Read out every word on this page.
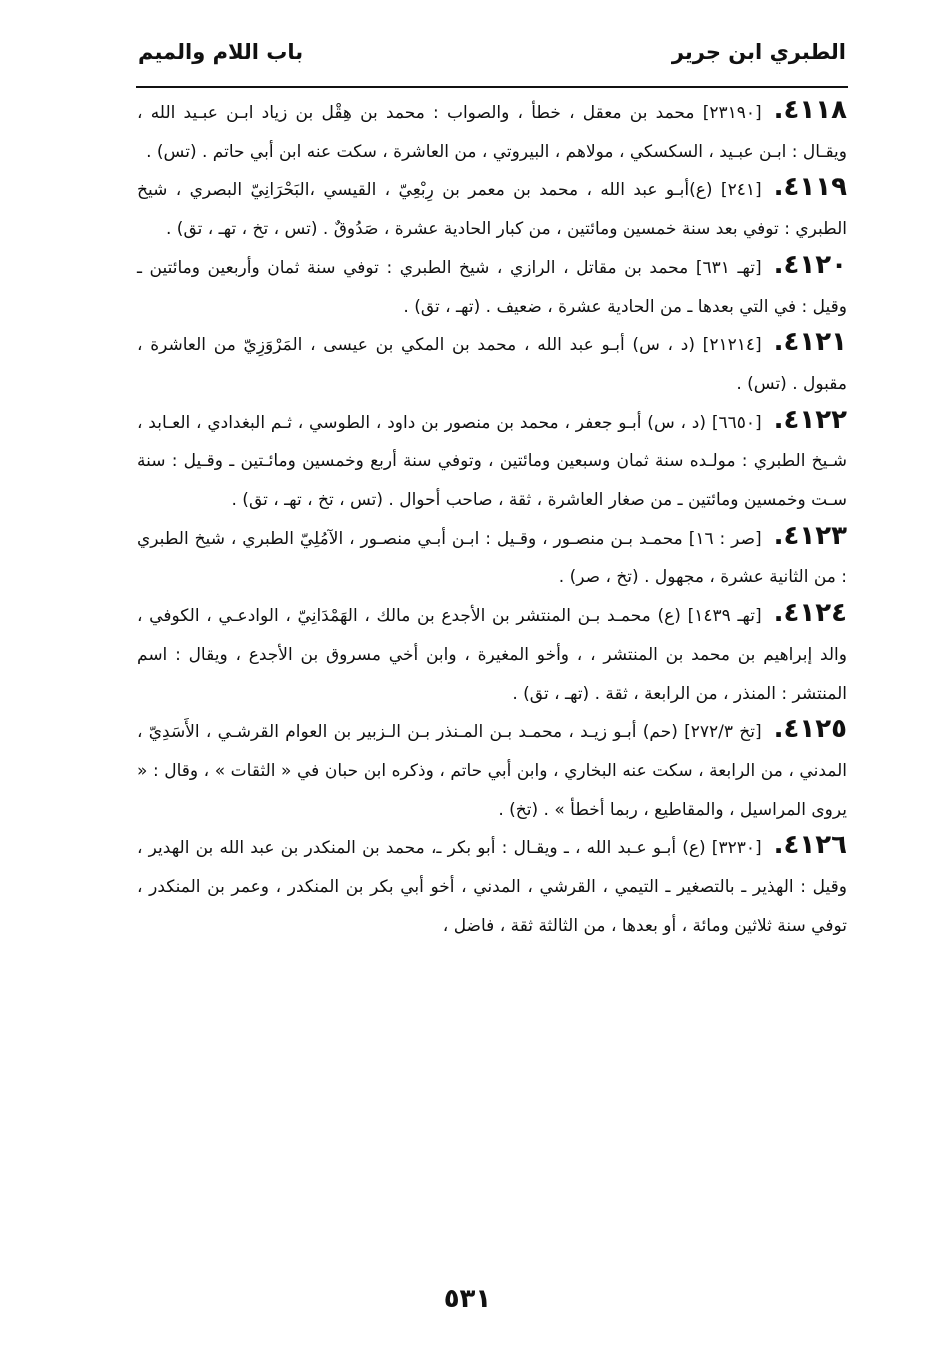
الطبري ابن جرير
باب اللام والميم

٤١١٨.[٢٣١٩٠] محمد بن معقل ، خطأ ، والصواب : محمد بن هِقْل بن زياد ابـن عبـيد الله ، ويقـال : ابـن عبـيد ، السكسكي ، مولاهم ، البيروتي ، من العاشرة ، سكت عنه ابن أبي حاتم . (تس) .

٤١١٩.[٢٤١] (ع)أبـو عبد الله ، محمد بن معمر بن رِبْعِيّ ، القيسي ،البَحْرَانِيّ البصري ، شيخ الطبري : توفي بعد سنة خمسين ومائتين ، من كبار الحادية عشرة ، صَدُوقٌ . (تس ، تخ ، تهـ ، تق) .

٤١٢٠.[تهـ ٦٣١] محمد بن مقاتل ، الرازي ، شيخ الطبري : توفي سنة ثمان وأربعين ومائتين ـ وقيل : في التي بعدها ـ من الحادية عشرة ، ضعيف . (تهـ ، تق) .

٤١٢١.[٢١٢١٤] (د ، س) أبـو عبد الله ، محمد بن المكي بن عيسى ، المَرْوَزِيّ من العاشرة ، مقبول . (تس) .

٤١٢٢.[٦٦٥٠] (د ، س) أبـو جعفر ، محمد بن منصور بن داود ، الطوسي ، ثـم البغدادي ، العـابد ، شـيخ الطبري : مولـده سنة ثمان وسبعين ومائتين ، وتوفي سنة أربع وخمسين ومائـتين ـ وقـيل : سنة سـت وخمسين ومائتين ـ من صغار العاشرة ، ثقة ، صاحب أحوال . (تس ، تخ ، تهـ ، تق) .

٤١٢٣.[صر : ١٦] محمـد بـن منصـور ، وقـيل : ابـن أبـي منصـور ، الآمُلِيّ الطبري ، شيخ الطبري : من الثانية عشرة ، مجهول . (تخ ، صر) .

٤١٢٤.[تهـ ١٤٣٩] (ع) محمـد بـن المنتشر بن الأجدع بن مالك ، الهَمْدَانِيّ ، الوادعـي ، الكوفي ، والد إبراهيم بن محمد بن المنتشر ، ، وأخو المغيرة ، وابن أخي مسروق بن الأجدع ، ويقال : اسم المنتشر : المنذر ، من الرابعة ، ثقة . (تهـ ، تق) .

٤١٢٥.[تخ ٢٧٢/٣] (حم) أبـو زيـد ، محمـد بـن المـنذر بـن الـزبير بن العوام القرشـي ، الأَسَدِيّ ، المدني ، من الرابعة ، سكت عنه البخاري ، وابن أبي حاتم ، وذكره ابن حبان في « الثقات » ، وقال : « يروى المراسيل ، والمقاطيع ، ربما أخطأ » . (تخ) .

٤١٢٦.[٣٢٣٠] (ع) أبـو عـبد الله ، ـ ويقـال : أبو بكر ـ، محمد بن المنكدر بن عبد الله بن الهدير ، وقيل : الهذير ـ بالتصغير ـ التيمي ، القرشي ، المدني ، أخو أبي بكر بن المنكدر ، وعمر بن المنكدر ، توفي سنة ثلاثين ومائة ، أو بعدها ، من الثالثة ثقة ، فاضل ،

٥٣١
